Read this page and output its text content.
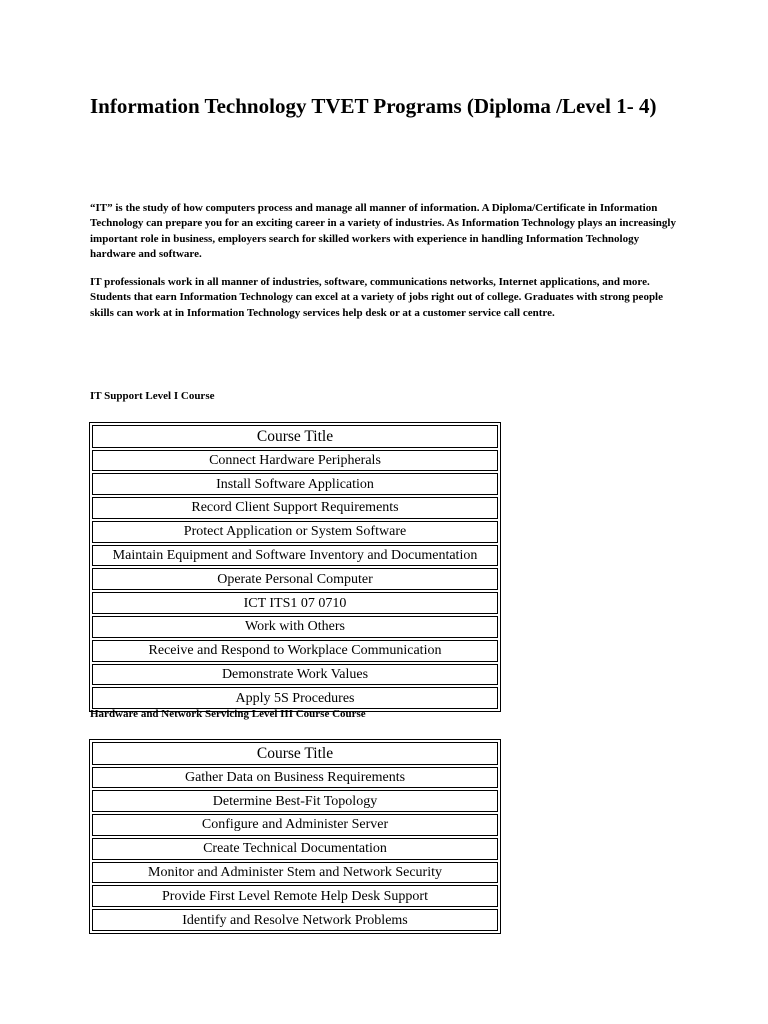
Information Technology TVET Programs (Diploma /Level 1- 4)

“IT” is the study of how computers process and manage all manner of information. A Diploma/Certificate in Information Technology can prepare you for an exciting career in a variety of industries. As Information Technology plays an increasingly important role in business, employers search for skilled workers with experience in handling Information Technology hardware and software.

IT professionals work in all manner of industries, software, communications networks, Internet applications, and more. Students that earn Information Technology can excel at a variety of jobs right out of college. Graduates with strong people skills can work at in Information Technology services help desk or at a customer service call centre.

IT Support Level I Course

Course Title
Connect Hardware Peripherals
Install Software Application
Record Client Support Requirements
Protect Application or System Software
Maintain Equipment and Software Inventory and Documentation
Operate Personal Computer
ICT ITS1 07 0710
Work with Others
Receive and Respond to Workplace Communication
Demonstrate Work Values
Apply 5S Procedures

Hardware and Network Servicing Level III Course Course

Course Title
Gather Data on Business Requirements
Determine Best-Fit Topology
Configure and Administer Server
Create Technical Documentation
Monitor and Administer Stem and Network Security
Provide First Level Remote Help Desk Support
Identify and Resolve Network Problems
